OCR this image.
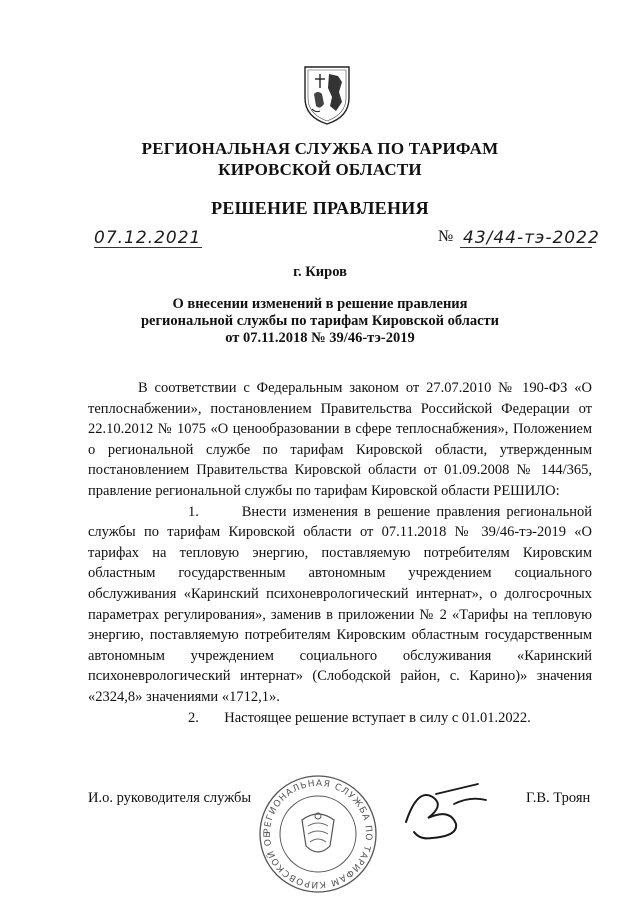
РЕГИОНАЛЬНАЯ СЛУЖБА ПО ТАРИФАМ
КИРОВСКОЙ ОБЛАСТИ
РЕШЕНИЕ ПРАВЛЕНИЯ
07.12.2021	№ 43/44-тэ-2022
г. Киров
О внесении изменений в решение правления
региональной службы по тарифам Кировской области
от 07.11.2018 № 39/46-тэ-2019

В соответствии с Федеральным законом от 27.07.2010 № 190-ФЗ «О теплоснабжении», постановлением Правительства Российской Федерации от 22.10.2012 № 1075 «О ценообразовании в сфере теплоснабжения», Положением о региональной службе по тарифам Кировской области, утвержденным постановлением Правительства Кировской области от 01.09.2008 № 144/365, правление региональной службы по тарифам Кировской области РЕШИЛО:

1.	Внести изменения в решение правления региональной службы по тарифам Кировской области от 07.11.2018 № 39/46-тэ-2019 «О тарифах на тепловую энергию, поставляемую потребителям Кировским областным государственным автономным учреждением социального обслуживания «Каринский психоневрологический интернат», о долгосрочных параметрах регулирования», заменив в приложении № 2 «Тарифы на тепловую энергию, поставляемую потребителям Кировским областным государственным автономным учреждением социального обслуживания «Каринский психоневрологический интернат» (Слободской район, с. Карино)» значения «2324,8» значениями «1712,1».

2. Настоящее решение вступает в силу с 01.01.2022.

И.о. руководителя службы	Г.В. Троян
РЕГИОНАЛЬНАЯ СЛУЖБА ПО ТАРИФАМ КИРОВСКОЙ ОБ
